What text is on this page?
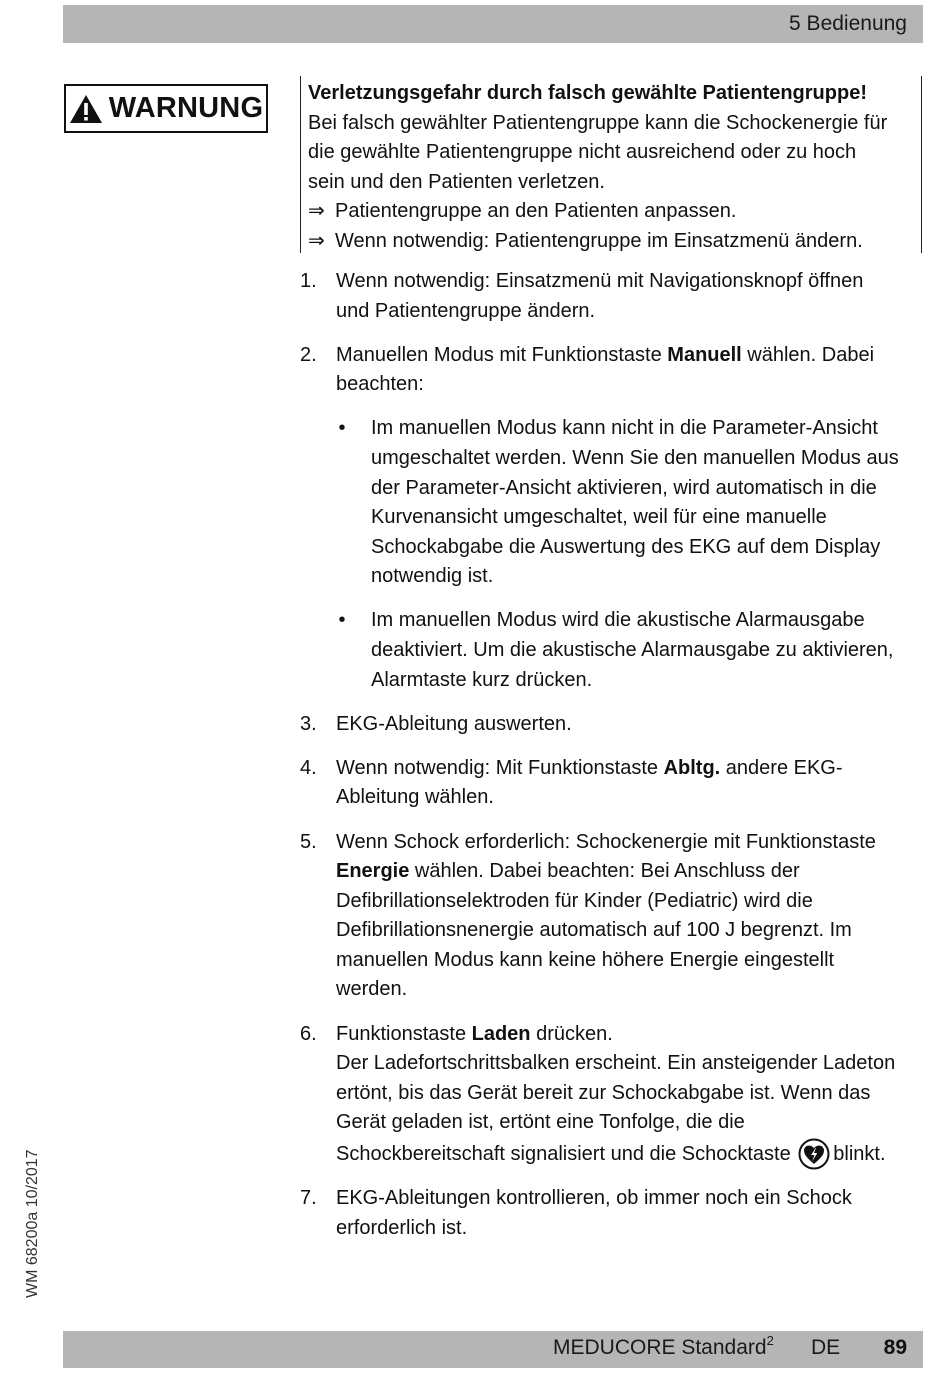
5 Bedienung
WARNUNG Verletzungsgefahr durch falsch gewählte Patientengruppe!

Bei falsch gewählter Patientengruppe kann die Schockenergie für

die gewählte Patientengruppe nicht ausreichend oder zu hoch

sein und den Patienten verletzen.

⇒ Patientengruppe an den Patienten anpassen.

⇒ Wenn notwendig: Patientengruppe im Einsatzmenü ändern.

1. Wenn notwendig: Einsatzmenü mit Navigationsknopf öffnen

und Patientengruppe ändern.

2. Manuellen Modus mit Funktionstaste Manuell wählen. Dabei

beachten:

• Im manuellen Modus kann nicht in die Parameter-Ansicht

umgeschaltet werden. Wenn Sie den manuellen Modus aus

der Parameter-Ansicht aktivieren, wird automatisch in die

Kurvenansicht umgeschaltet, weil für eine manuelle

Schockabgabe die Auswertung des EKG auf dem Display

notwendig ist.

• Im manuellen Modus wird die akustische Alarmausgabe

deaktiviert. Um die akustische Alarmausgabe zu aktivieren,

Alarmtaste kurz drücken.

3. EKG-Ableitung auswerten.

4. Wenn notwendig: Mit Funktionstaste Abltg. andere EKG-

Ableitung wählen.

5. Wenn Schock erforderlich: Schockenergie mit Funktionstaste

Energie wählen. Dabei beachten: Bei Anschluss der

Defibrillationselektroden für Kinder (Pediatric) wird die

Defibrillationsnenergie automatisch auf 100 J begrenzt. Im

manuellen Modus kann keine höhere Energie eingestellt

werden.

6. Funktionstaste Laden drücken.

Der Ladefortschrittsbalken erscheint. Ein ansteigender Ladeton

ertönt, bis das Gerät bereit zur Schockabgabe ist. Wenn das

Gerät geladen ist, ertönt eine Tonfolge, die die

Schockbereitschaft signalisiert und die Schocktaste blinkt.

7. EKG-Ableitungen kontrollieren, ob immer noch ein Schock

erforderlich ist.

WM 68200a 10/2017
MEDUCORE Standard$^2$ DE 89
